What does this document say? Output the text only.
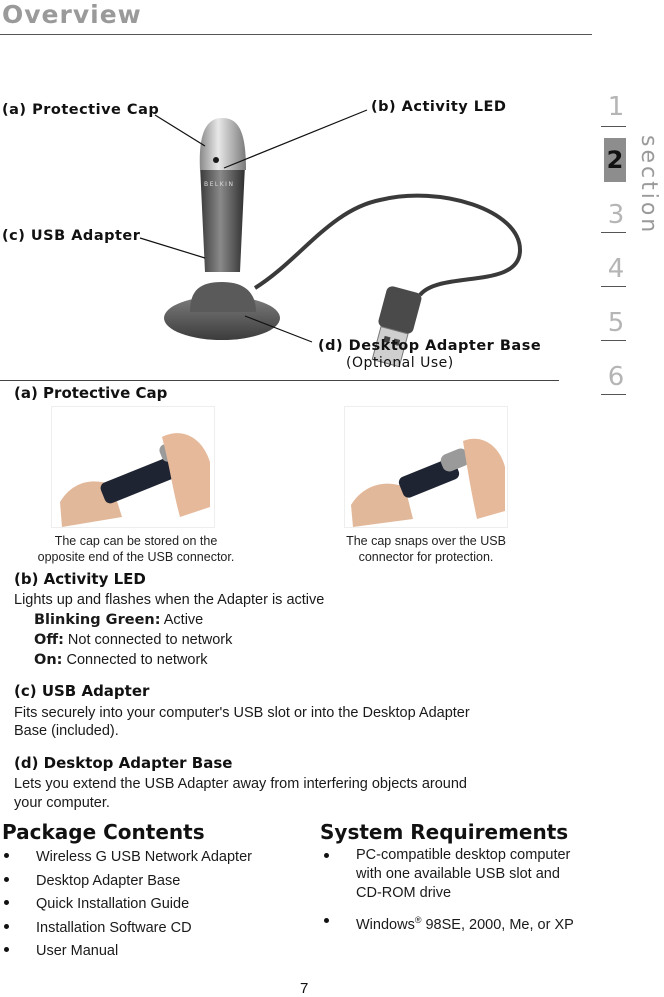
Overview
1
2
3
4
5
6
section
BELKIN
(a) Protective Cap	(b) Activity LED
(c) USB Adapter
(d) Desktop Adapter Base
(Optional Use)
(a) Protective Cap
The cap can be stored on the
opposite end of the USB connector.
The cap snaps over the USB
connector for protection.
(b) Activity LED
Lights up and flashes when the Adapter is active
Blinking Green: Active
Off: Not connected to network
On: Connected to network
(c) USB Adapter
Fits securely into your computer's USB slot or into the Desktop Adapter
Base (included).
(d) Desktop Adapter Base
Lets you extend the USB Adapter away from interfering objects around
your computer.
Package Contents
Wireless G USB Network Adapter
Desktop Adapter Base
Quick Installation Guide
Installation Software CD
User Manual
System Requirements
PC-compatible desktop computer
with one available USB slot and
CD-ROM drive
Windows® 98SE, 2000, Me, or XP
7
